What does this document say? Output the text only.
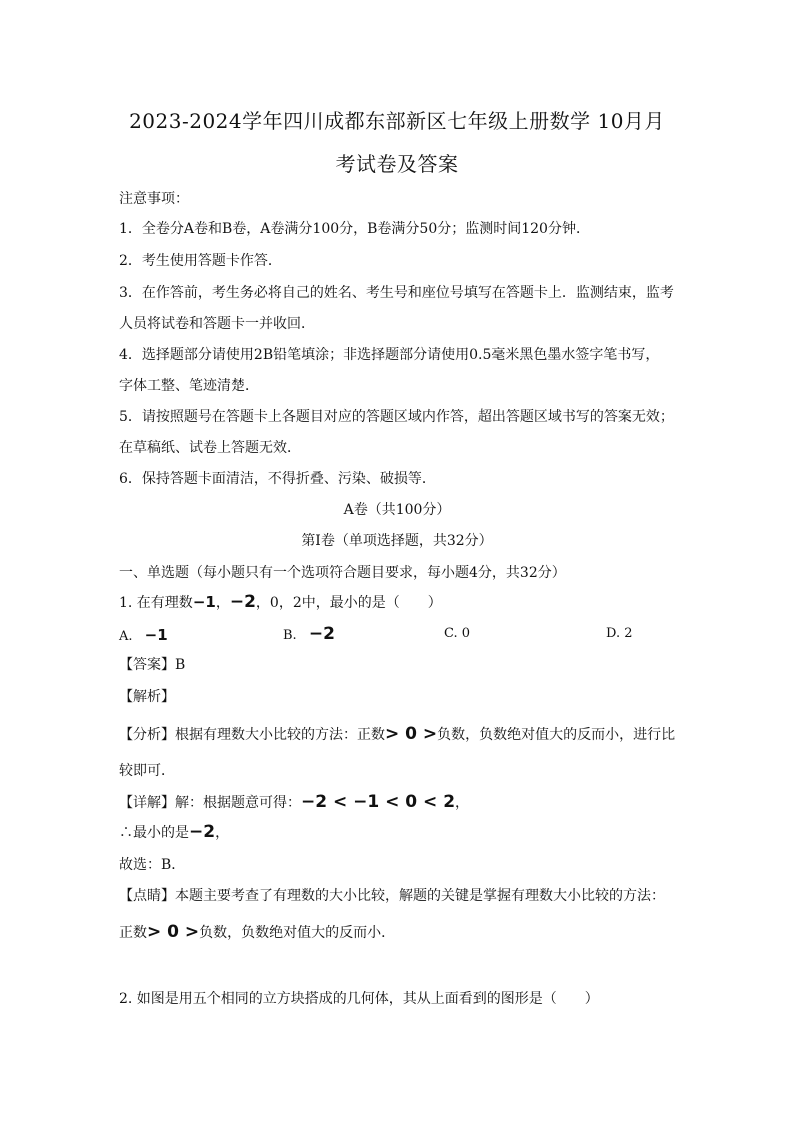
2023-2024学年四川成都东部新区七年级上册数学 10月月
考试卷及答案
注意事项：
1．全卷分A卷和B卷，A卷满分100分，B卷满分50分；监测时间120分钟．
2．考生使用答题卡作答．
3．在作答前，考生务必将自己的姓名、考生号和座位号填写在答题卡上．监测结束，监考
人员将试卷和答题卡一并收回．
4．选择题部分请使用2B铅笔填涂；非选择题部分请使用0.5毫米黑色墨水签字笔书写，
字体工整、笔迹清楚．
5．请按照题号在答题卡上各题目对应的答题区域内作答，超出答题区域书写的答案无效；
在草稿纸、试卷上答题无效．
6．保持答题卡面清洁，不得折叠、污染、破损等．
A卷（共100分）
第Ⅰ卷（单项选择题，共32分）
一、单选题（每小题只有一个选项符合题目要求，每小题4分，共32分）
1. 在有理数−1，−2，0，2中，最小的是（　　）
A. −1	B. −2	C. 0	D. 2
【答案】B
【解析】
【分析】根据有理数大小比较的方法：正数> 0 >负数，负数绝对值大的反而小，进行比
较即可．
【详解】解：根据题意可得：−2 < −1 < 0 < 2，
∴最小的是−2，
故选：B．
【点睛】本题主要考查了有理数的大小比较，解题的关键是掌握有理数大小比较的方法：
正数> 0 >负数，负数绝对值大的反而小．
2. 如图是用五个相同的立方块搭成的几何体，其从上面看到的图形是（　　）
